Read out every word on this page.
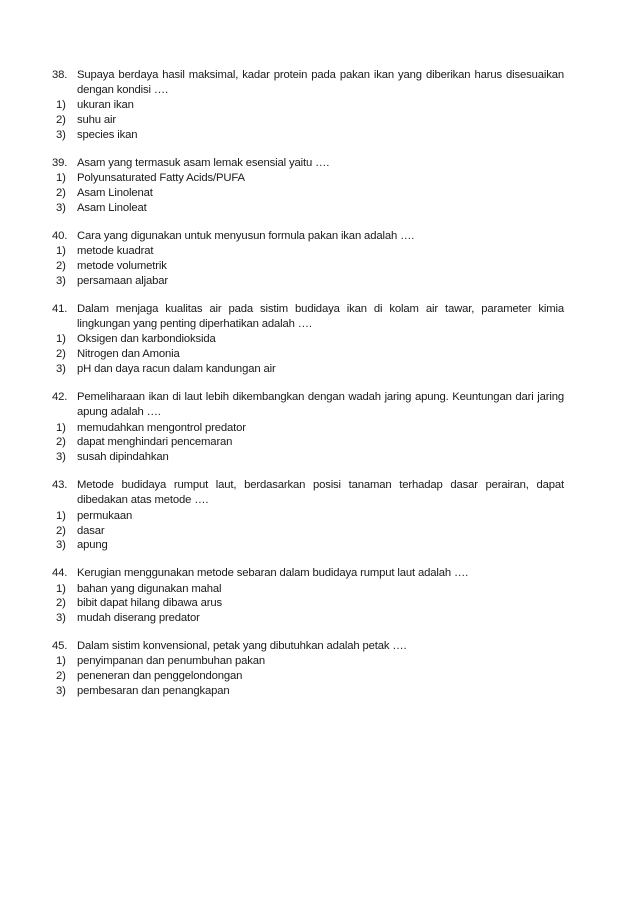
38. Supaya berdaya hasil maksimal, kadar protein pada pakan ikan yang diberikan harus disesuaikan dengan kondisi ….
1) ukuran ikan
2) suhu air
3) species ikan
39. Asam yang termasuk asam lemak esensial yaitu ….
1) Polyunsaturated Fatty Acids/PUFA
2) Asam Linolenat
3) Asam Linoleat
40. Cara yang digunakan untuk menyusun formula pakan ikan adalah ….
1) metode kuadrat
2) metode volumetrik
3) persamaan aljabar
41. Dalam menjaga kualitas air pada sistim budidaya ikan di kolam air tawar, parameter kimia lingkungan yang penting diperhatikan adalah ….
1) Oksigen dan karbondioksida
2) Nitrogen dan Amonia
3) pH dan daya racun dalam kandungan air
42. Pemeliharaan ikan di laut lebih dikembangkan dengan wadah jaring apung. Keuntungan dari jaring apung adalah ….
1) memudahkan mengontrol predator
2) dapat menghindari pencemaran
3) susah dipindahkan
43. Metode budidaya rumput laut, berdasarkan posisi tanaman terhadap dasar perairan, dapat dibedakan atas metode ….
1) permukaan
2) dasar
3) apung
44. Kerugian menggunakan metode sebaran dalam budidaya rumput laut adalah ….
1) bahan yang digunakan mahal
2) bibit dapat hilang dibawa arus
3) mudah diserang predator
45. Dalam sistim konvensional, petak yang dibutuhkan adalah petak ….
1) penyimpanan dan penumbuhan pakan
2) peneneran dan penggelondongan
3) pembesaran dan penangkapan
